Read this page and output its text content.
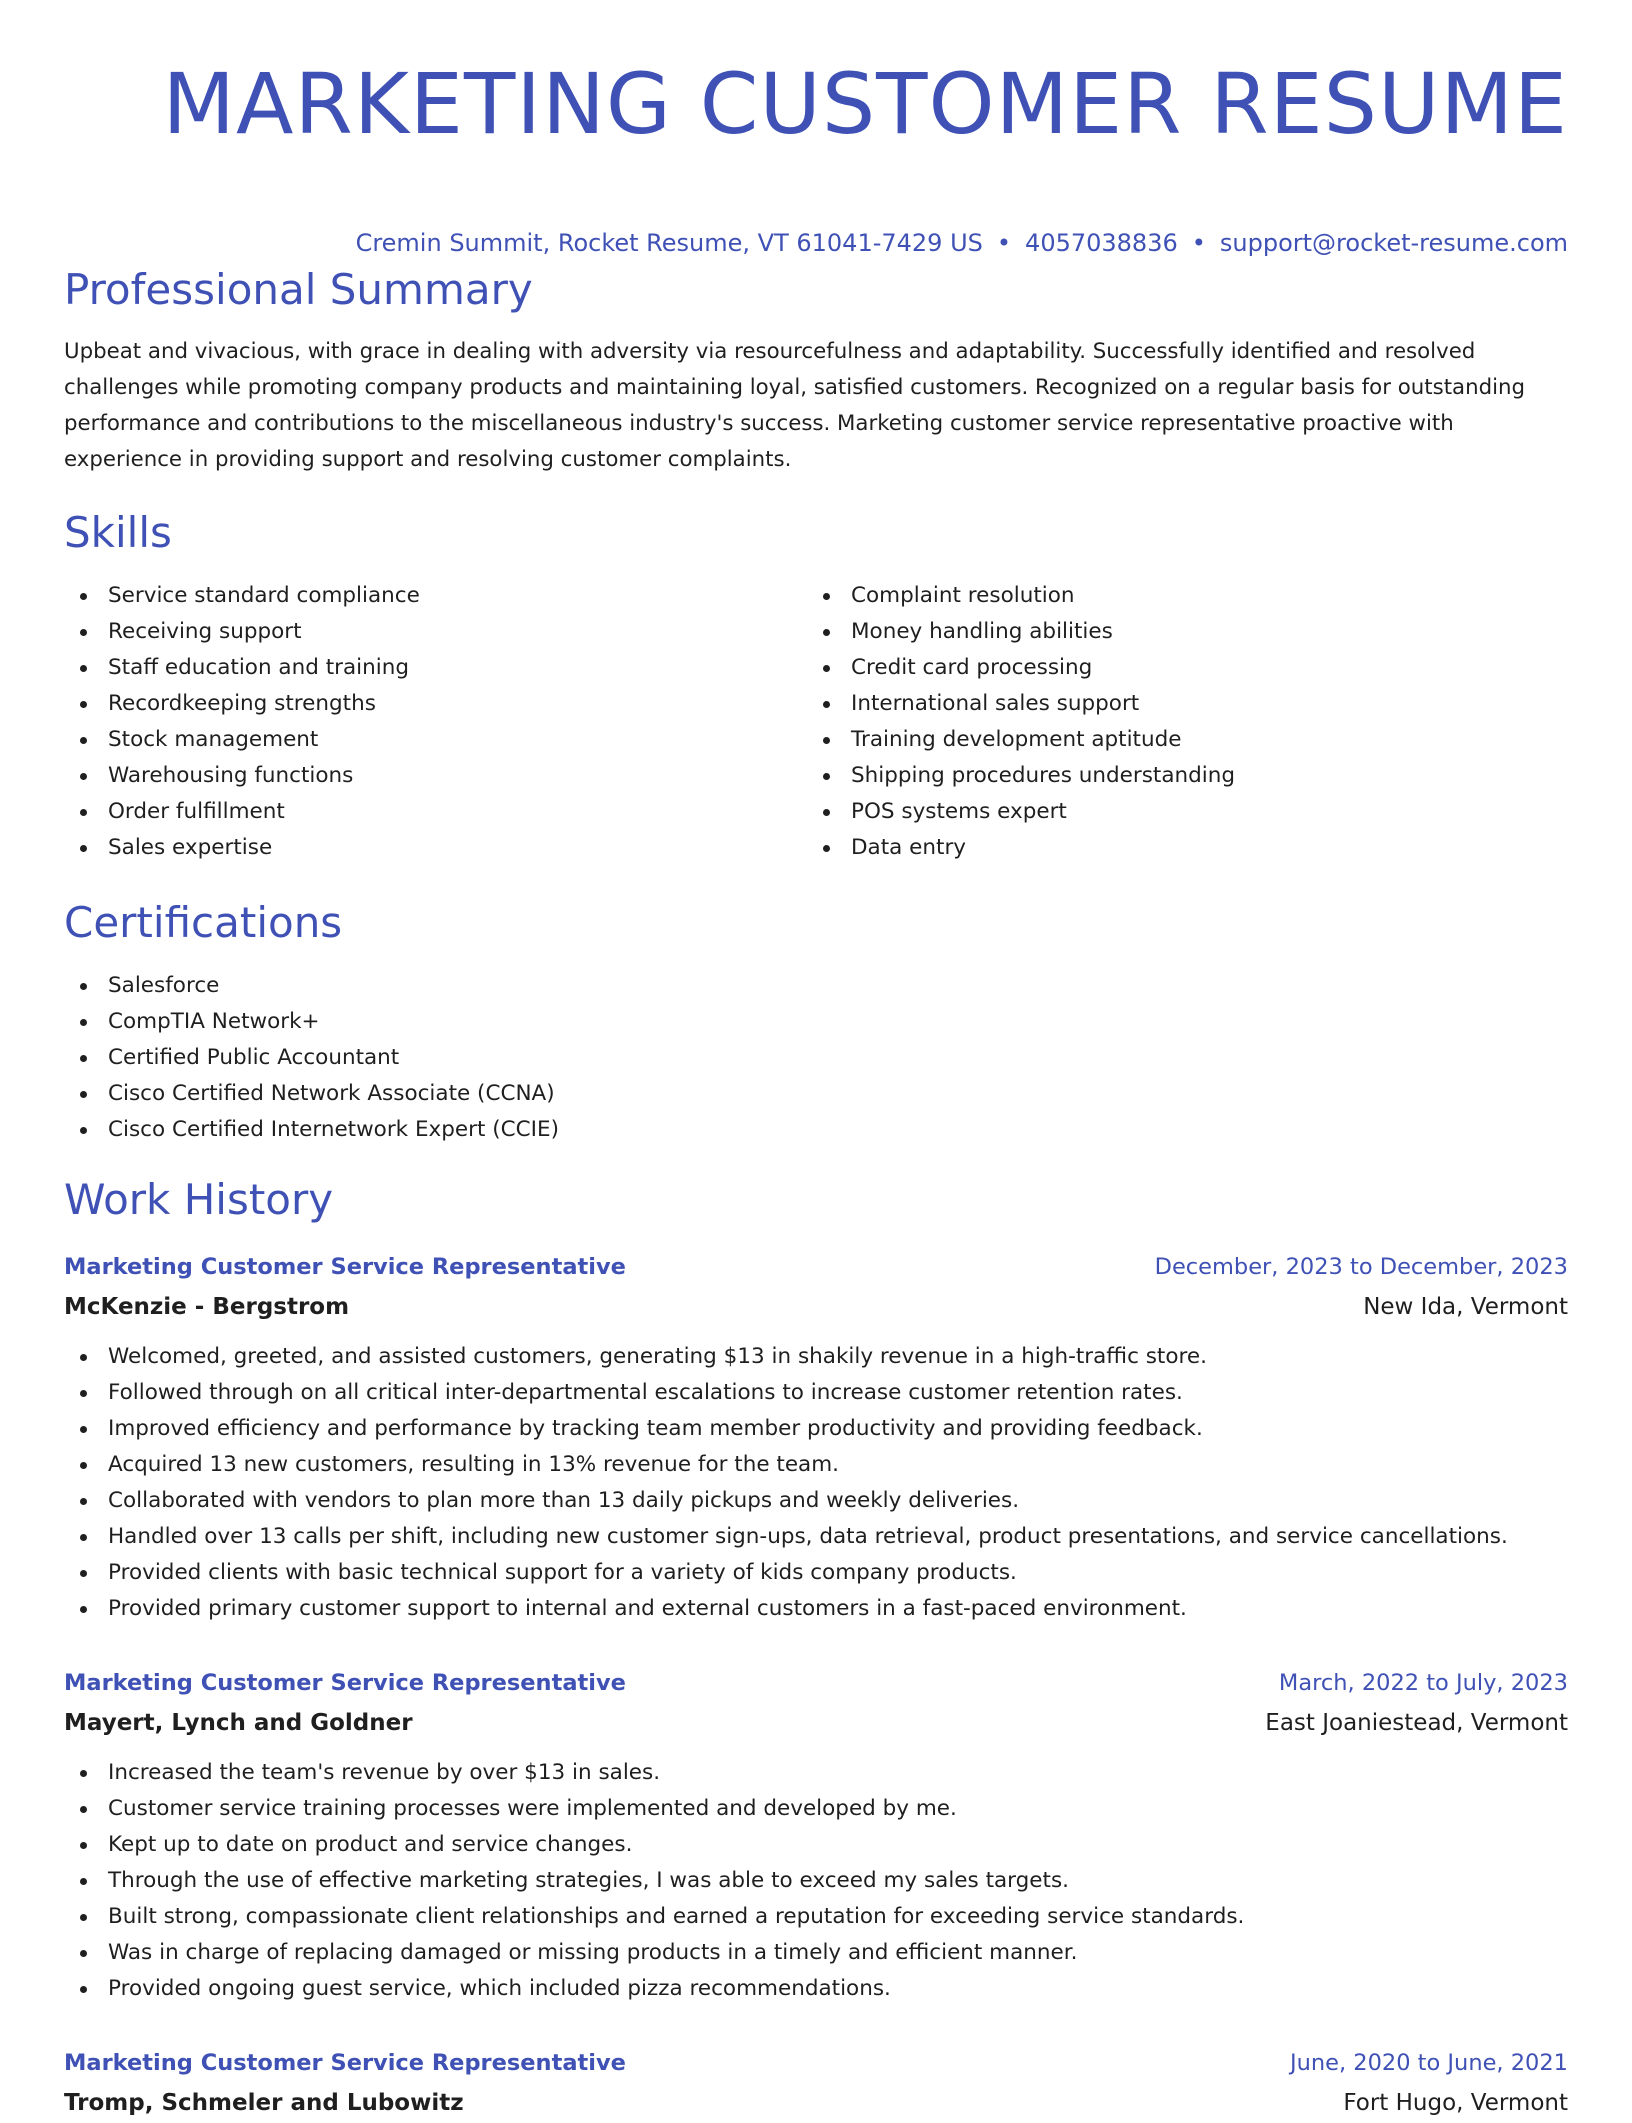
MARKETING CUSTOMER RESUME
Cremin Summit, Rocket Resume, VT 61041-7429 US • 4057038836 • support@rocket-resume.com
Professional Summary

Upbeat and vivacious, with grace in dealing with adversity via resourcefulness and adaptability. Successfully identified and resolved challenges while promoting company products and maintaining loyal, satisfied customers. Recognized on a regular basis for outstanding performance and contributions to the miscellaneous industry's success. Marketing customer service representative proactive with experience in providing support and resolving customer complaints.

Skills
Service standard compliance
Receiving support
Staff education and training
Recordkeeping strengths
Stock management
Warehousing functions
Order fulfillment
Sales expertise
Complaint resolution
Money handling abilities
Credit card processing
International sales support
Training development aptitude
Shipping procedures understanding
POS systems expert
Data entry
Certifications
Salesforce
CompTIA Network+
Certified Public Accountant
Cisco Certified Network Associate (CCNA)
Cisco Certified Internetwork Expert (CCIE)
Work History
Marketing Customer Service Representative	December, 2023 to December, 2023
McKenzie - Bergstrom	New Ida, Vermont
Welcomed, greeted, and assisted customers, generating $13 in shakily revenue in a high-traffic store.
Followed through on all critical inter-departmental escalations to increase customer retention rates.
Improved efficiency and performance by tracking team member productivity and providing feedback.
Acquired 13 new customers, resulting in 13% revenue for the team.
Collaborated with vendors to plan more than 13 daily pickups and weekly deliveries.
Handled over 13 calls per shift, including new customer sign-ups, data retrieval, product presentations, and service cancellations.
Provided clients with basic technical support for a variety of kids company products.
Provided primary customer support to internal and external customers in a fast-paced environment.
Marketing Customer Service Representative	March, 2022 to July, 2023
Mayert, Lynch and Goldner	East Joaniestead, Vermont
Increased the team's revenue by over $13 in sales.
Customer service training processes were implemented and developed by me.
Kept up to date on product and service changes.
Through the use of effective marketing strategies, I was able to exceed my sales targets.
Built strong, compassionate client relationships and earned a reputation for exceeding service standards.
Was in charge of replacing damaged or missing products in a timely and efficient manner.
Provided ongoing guest service, which included pizza recommendations.
Marketing Customer Service Representative	June, 2020 to June, 2021
Tromp, Schmeler and Lubowitz	Fort Hugo, Vermont
